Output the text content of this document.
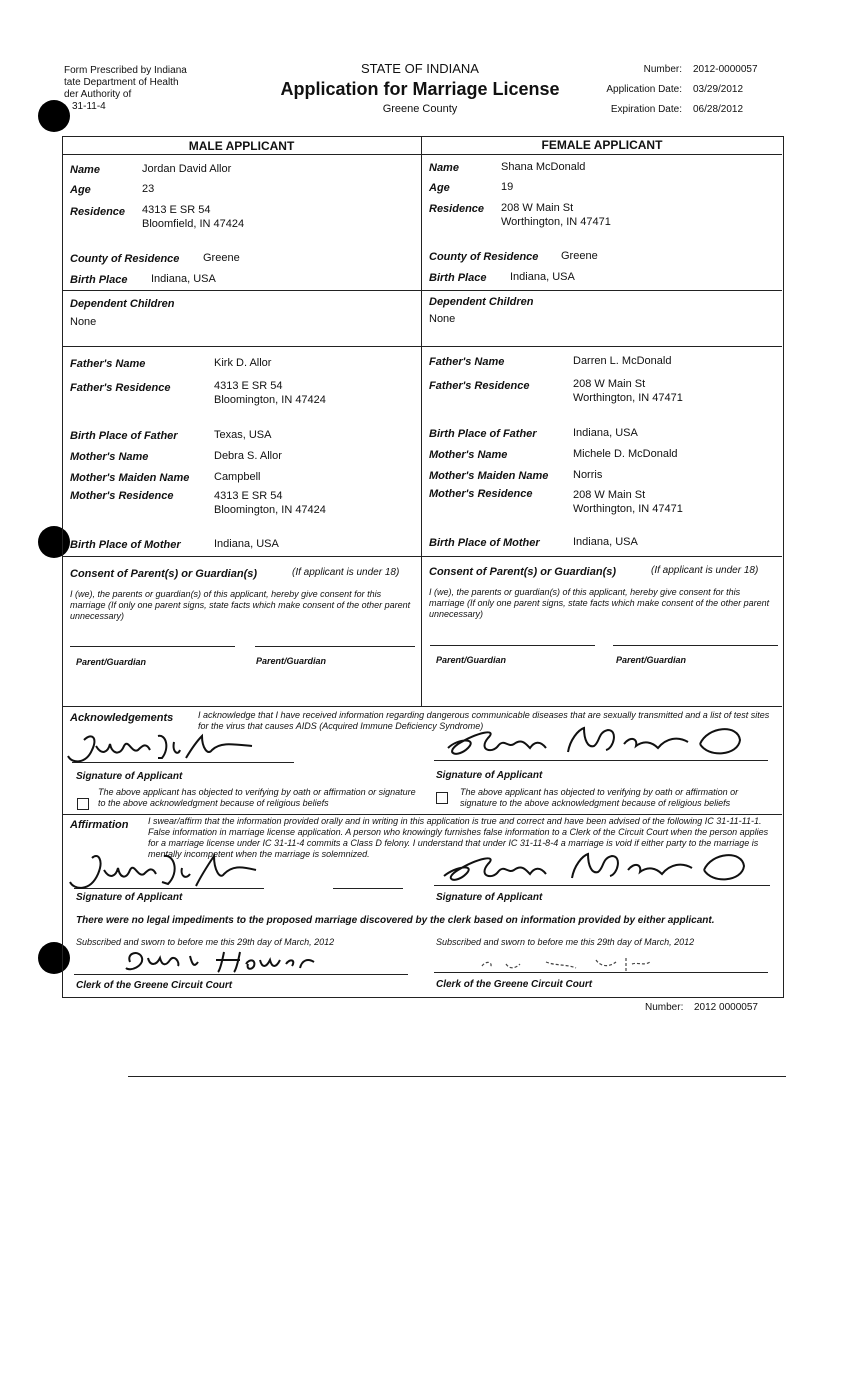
Form Prescribed by Indiana
tate Department of Health
der Authority of
31-11-4
STATE OF INDIANA
Application for Marriage License
Greene County
Number: 2012-0000057
Application Date: 03/29/2012
Expiration Date: 06/28/2012
MALE APPLICANT	FEMALE APPLICANT
Name	Jordan David Allor
Age	23
Residence 4313 E SR 54
Bloomfield, IN 47424
County of Residence Greene
Birth Place Indiana, USA
Dependent Children
None
Father's Name	Kirk D. Allor
Father's Residence	4313 E SR 54
Bloomington, IN 47424
Birth Place of Father	Texas, USA
Mother's Name	Debra S. Allor
Mother's Maiden Name Campbell
Mother's Residence	4313 E SR 54
Bloomington, IN 47424
Birth Place of Mother	Indiana, USA
Consent of Parent(s) or Guardian(s)	(If applicant is under 18)
I (we), the parents or guardian(s) of this applicant, hereby give consent for this marriage (If only one parent signs, state facts which make consent of the other parent unnecessary)
Parent/Guardian	Parent/Guardian
Name	Shana McDonald
Age	19
Residence 208 W Main St
Worthington, IN 47471
County of Residence Greene
Birth Place Indiana, USA
Dependent Children
None
Father's Name	Darren L. McDonald
Father's Residence	208 W Main St
Worthington, IN 47471
Birth Place of Father	Indiana, USA
Mother's Name	Michele D. McDonald
Mother's Maiden Name Norris
Mother's Residence	208 W Main St
Worthington, IN 47471
Birth Place of Mother	Indiana, USA
Consent of Parent(s) or Guardian(s)	(If applicant is under 18)
I (we), the parents or guardian(s) of this applicant, hereby give consent for this marriage (If only one parent signs, state facts which make consent of the other parent unnecessary)
Parent/Guardian	Parent/Guardian
Acknowledgements	I acknowledge that I have received information regarding dangerous communicable diseases that are sexually transmitted and a list of test sites for the virus that causes AIDS (Acquired Immune Deficiency Syndrome)
Signature of Applicant	Signature of Applicant
The above applicant has objected to verifying by oath or affirmation or signature to the above acknowledgment because of religious beliefs
The above applicant has objected to verifying by oath or affirmation or signature to the above acknowledgment because of religious beliefs
Affirmation I swear/affirm that the information provided orally and in writing in this application is true and correct and have been advised of the following IC 31-11-11-1. False information in marriage license application. A person who knowingly furnishes false information to a Clerk of the Circuit Court when the person applies for a marriage license under IC 31-11-4 commits a Class D felony. I understand that under IC 31-11-8-4 a marriage is void if either party to the marriage is mentally incompetent when the marriage is solemnized.
Signature of Applicant	Signature of Applicant
There were no legal impediments to the proposed marriage discovered by the clerk based on information provided by either applicant.
Subscribed and sworn to before me this 29th day of March, 2012	Subscribed and sworn to before me this 29th day of March, 2012
Clerk of the Greene Circuit Court	Clerk of the Greene Circuit Court
Number: 2012 0000057
